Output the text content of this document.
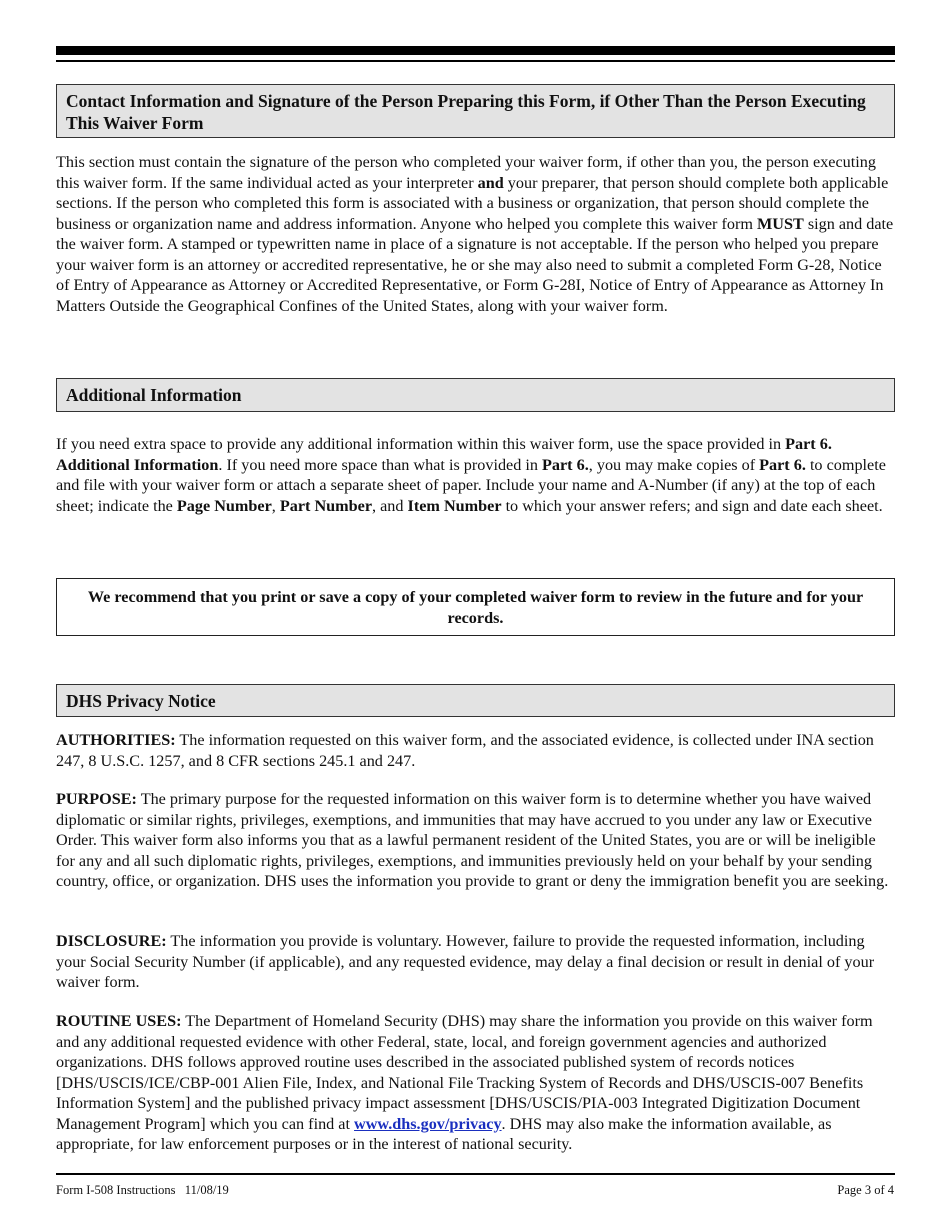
Contact Information and Signature of the Person Preparing this Form, if Other Than the Person Executing This Waiver Form
This section must contain the signature of the person who completed your waiver form, if other than you, the person executing this waiver form. If the same individual acted as your interpreter and your preparer, that person should complete both applicable sections. If the person who completed this form is associated with a business or organization, that person should complete the business or organization name and address information. Anyone who helped you complete this waiver form MUST sign and date the waiver form. A stamped or typewritten name in place of a signature is not acceptable. If the person who helped you prepare your waiver form is an attorney or accredited representative, he or she may also need to submit a completed Form G-28, Notice of Entry of Appearance as Attorney or Accredited Representative, or Form G-28I, Notice of Entry of Appearance as Attorney In Matters Outside the Geographical Confines of the United States, along with your waiver form.
Additional Information
If you need extra space to provide any additional information within this waiver form, use the space provided in Part 6. Additional Information. If you need more space than what is provided in Part 6., you may make copies of Part 6. to complete and file with your waiver form or attach a separate sheet of paper. Include your name and A-Number (if any) at the top of each sheet; indicate the Page Number, Part Number, and Item Number to which your answer refers; and sign and date each sheet.
We recommend that you print or save a copy of your completed waiver form to review in the future and for your records.
DHS Privacy Notice
AUTHORITIES: The information requested on this waiver form, and the associated evidence, is collected under INA section 247, 8 U.S.C. 1257, and 8 CFR sections 245.1 and 247.
PURPOSE: The primary purpose for the requested information on this waiver form is to determine whether you have waived diplomatic or similar rights, privileges, exemptions, and immunities that may have accrued to you under any law or Executive Order. This waiver form also informs you that as a lawful permanent resident of the United States, you are or will be ineligible for any and all such diplomatic rights, privileges, exemptions, and immunities previously held on your behalf by your sending country, office, or organization. DHS uses the information you provide to grant or deny the immigration benefit you are seeking.
DISCLOSURE: The information you provide is voluntary. However, failure to provide the requested information, including your Social Security Number (if applicable), and any requested evidence, may delay a final decision or result in denial of your waiver form.
ROUTINE USES: The Department of Homeland Security (DHS) may share the information you provide on this waiver form and any additional requested evidence with other Federal, state, local, and foreign government agencies and authorized organizations. DHS follows approved routine uses described in the associated published system of records notices [DHS/USCIS/ICE/CBP-001 Alien File, Index, and National File Tracking System of Records and DHS/USCIS-007 Benefits Information System] and the published privacy impact assessment [DHS/USCIS/PIA-003 Integrated Digitization Document Management Program] which you can find at www.dhs.gov/privacy. DHS may also make the information available, as appropriate, for law enforcement purposes or in the interest of national security.
Form I-508 Instructions   11/08/19	Page 3 of 4
